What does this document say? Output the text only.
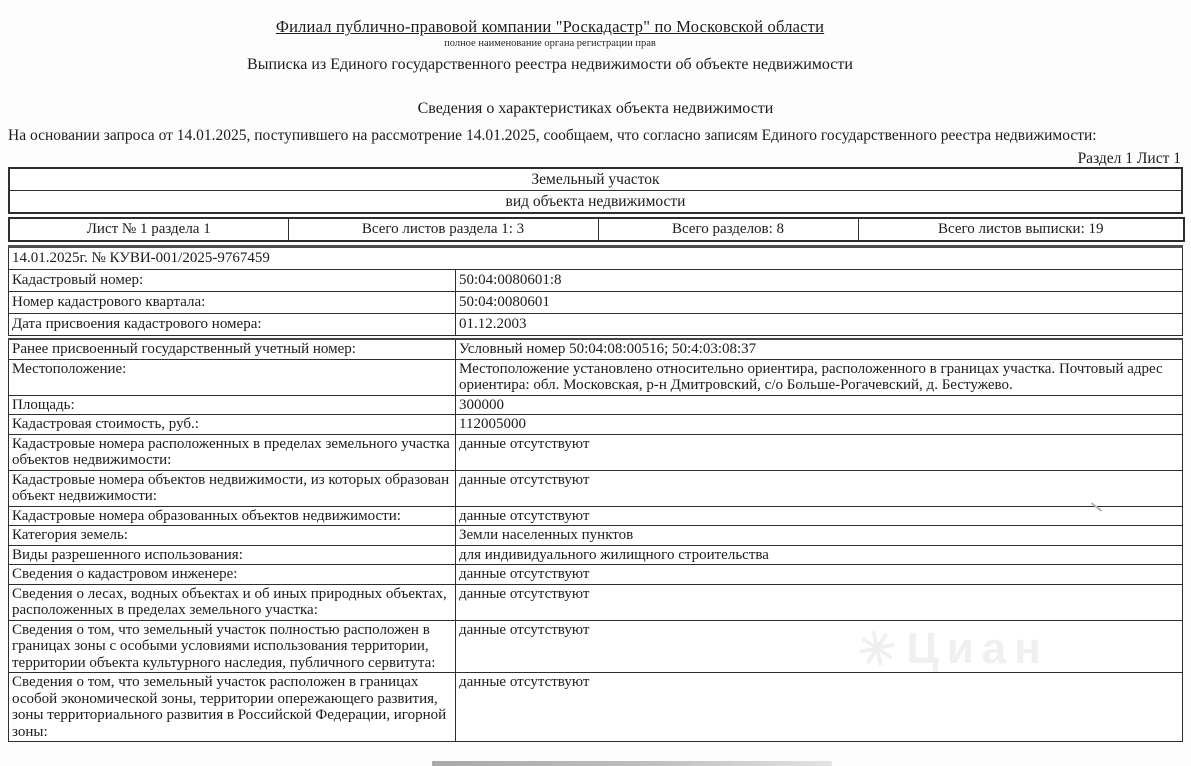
Филиал публично-правовой компании "Роскадастр" по Московской области
полное наименование органа регистрации прав
Выписка из Единого государственного реестра недвижимости об объекте недвижимости
Сведения о характеристиках объекта недвижимости
На основании запроса от 14.01.2025, поступившего на рассмотрение 14.01.2025, сообщаем, что согласно записям Единого государственного реестра недвижимости:
Раздел 1 Лист 1
Земельный участок
вид объекта недвижимости
Лист № 1 раздела 1	Всего листов раздела 1: 3	Всего разделов: 8	Всего листов выписки: 19
14.01.2025г. № КУВИ-001/2025-9767459	
Кадастровый номер:	50:04:0080601:8
Номер кадастрового квартала:	50:04:0080601
Дата присвоения кадастрового номера:	01.12.2003
Ранее присвоенный государственный учетный номер:	Условный номер 50:04:08:00516; 50:4:03:08:37
Местоположение:	Местоположение установлено относительно ориентира, расположенного в границах участка. Почтовый адрес ориентира: обл. Московская, р-н Дмитровский, с/о Больше-Рогачевский, д. Бестужево.
Площадь:	300000
Кадастровая стоимость, руб.:	112005000
Кадастровые номера расположенных в пределах земельного участка объектов недвижимости:	данные отсутствуют
Кадастровые номера объектов недвижимости, из которых образован объект недвижимости:	данные отсутствуют
Кадастровые номера образованных объектов недвижимости:	данные отсутствуют
Категория земель:	Земли населенных пунктов
Виды разрешенного использования:	для индивидуального жилищного строительства
Сведения о кадастровом инженере:	данные отсутствуют
Сведения о лесах, водных объектах и об иных природных объектах, расположенных в пределах земельного участка:	данные отсутствуют
Сведения о том, что земельный участок полностью расположен в границах зоны с особыми условиями использования территории, территории объекта культурного наследия, публичного сервитута:	данные отсутствуют
Сведения о том, что земельный участок расположен в границах особой экономической зоны, территории опережающего развития, зоны территориального развития в Российской Федерации, игорной зоны:	данные отсутствуют
